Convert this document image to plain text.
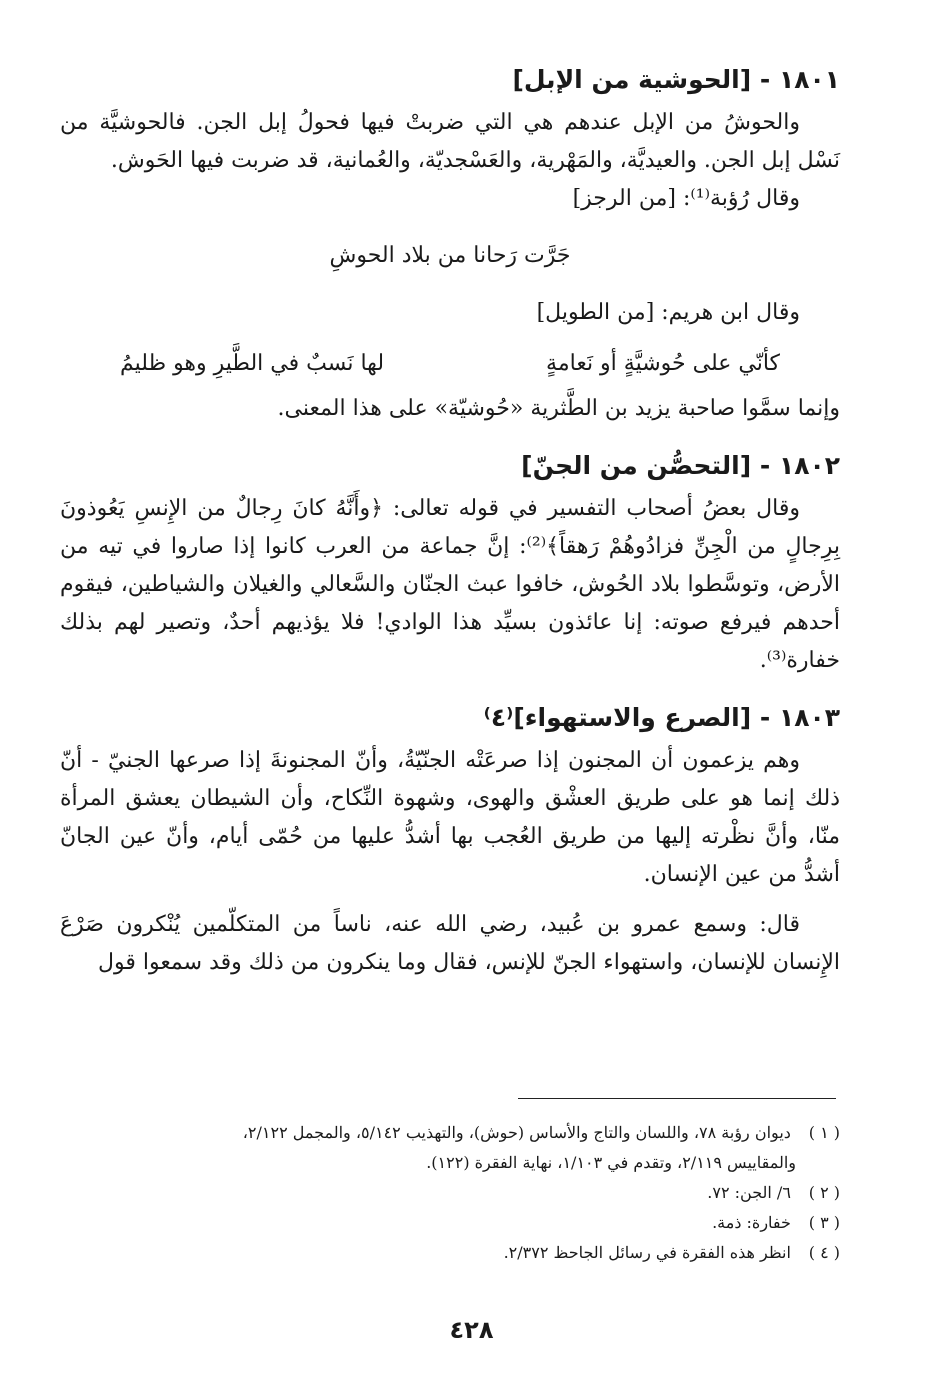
١٨٠١ - [الحوشية من الإبل]

والحوشُ من الإبل عندهم هي التي ضربتْ فيها فحولُ إبل الجن. فالحوشيَّة من نَسْل إبل الجن. والعيديَّة، والمَهْرية، والعَسْجديّة، والعُمانية، قد ضربت فيها الحَوش.

وقال رُؤبة⁽¹⁾: [من الرجز]

جَرَّت رَحانا من بلاد الحوشِ

وقال ابن هريم: [من الطويل]

كأنّي على حُوشيَّةٍ أو نَعامةٍ
لها نَسبٌ في الطَّيرِ وهو ظليمُ

وإنما سمَّوا صاحبة يزيد بن الطَّثرية «حُوشيّة» على هذا المعنى.

١٨٠٢ - [التحصُّن من الجنّ]

وقال بعضُ أصحاب التفسير في قوله تعالى: ﴿وأَنَّهُ كانَ رِجالٌ من الإِنسِ يَعُوذونَ بِرِجالٍ من الْجِنِّ فزادُوهُمْ رَهقاً﴾⁽²⁾: إنَّ جماعة من العرب كانوا إذا صاروا في تيه من الأرض، وتوسَّطوا بلاد الحُوش، خافوا عبث الجنّان والسَّعالي والغيلان والشياطين، فيقوم أحدهم فيرفع صوته: إنا عائذون بسيِّد هذا الوادي! فلا يؤذيهم أحدٌ، وتصير لهم بذلك خفارة⁽³⁾.

١٨٠٣ - [الصرع والاستهواء]⁽٤⁾

وهم يزعمون أن المجنون إذا صرعَتْه الجنّيّةُ، وأنّ المجنونةَ إذا صرعها الجنيّ - أنّ ذلك إنما هو على طريق العشْق والهوى، وشهوة النِّكاح، وأن الشيطان يعشق المرأة منّا، وأنَّ نظْرته إليها من طريق العُجب بها أشدُّ عليها من حُمّى أيام، وأنّ عين الجانّ أشدُّ من عين الإنسان.

قال: وسمع عمرو بن عُبيد، رضي الله عنه، ناساً من المتكلّمين يُنْكرون صَرْعَ الإِنسان للإنسان، واستهواء الجنّ للإنس، فقال وما ينكرون من ذلك وقد سمعوا قول

( ١ ) ديوان رؤبة ٧٨، واللسان والتاج والأساس (حوش)، والتهذيب ٥/١٤٢، والمجمل ٢/١٢٢،

والمقاييس ٢/١١٩، وتقدم في ١/١٠٣، نهاية الفقرة (١٢٢).

( ٢ ) ٦/ الجن: ٧٢.

( ٣ ) خفارة: ذمة.

( ٤ ) انظر هذه الفقرة في رسائل الجاحظ ٢/٣٧٢.

٤٢٨
